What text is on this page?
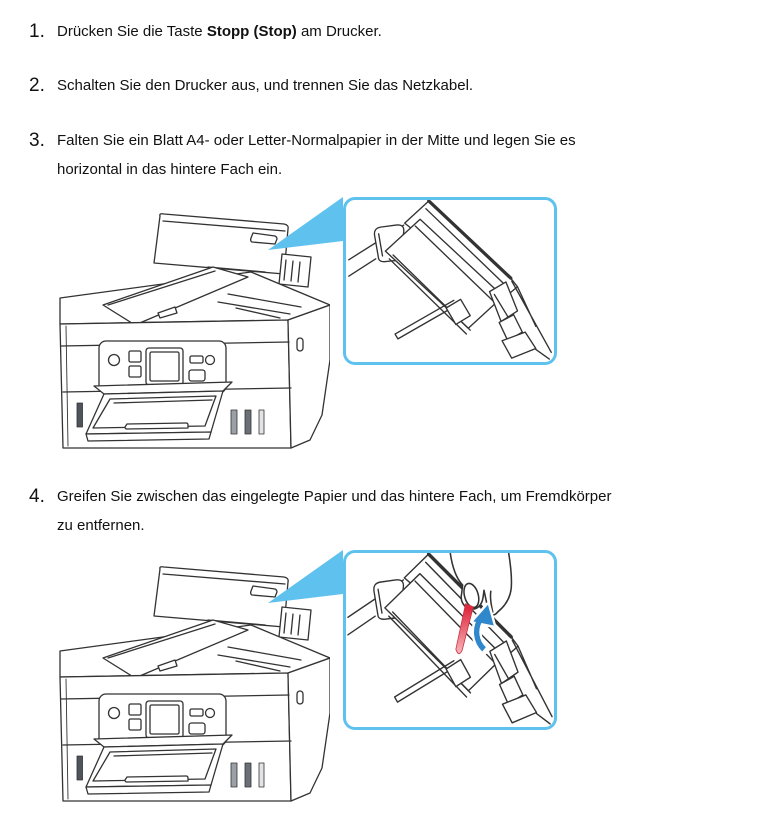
1. Drücken Sie die Taste Stopp (Stop) am Drucker.
2. Schalten Sie den Drucker aus, und trennen Sie das Netzkabel.
3. Falten Sie ein Blatt A4- oder Letter-Normalpapier in der Mitte und legen Sie es
horizontal in das hintere Fach ein.
4. Greifen Sie zwischen das eingelegte Papier und das hintere Fach, um Fremdkörper
zu entfernen.
